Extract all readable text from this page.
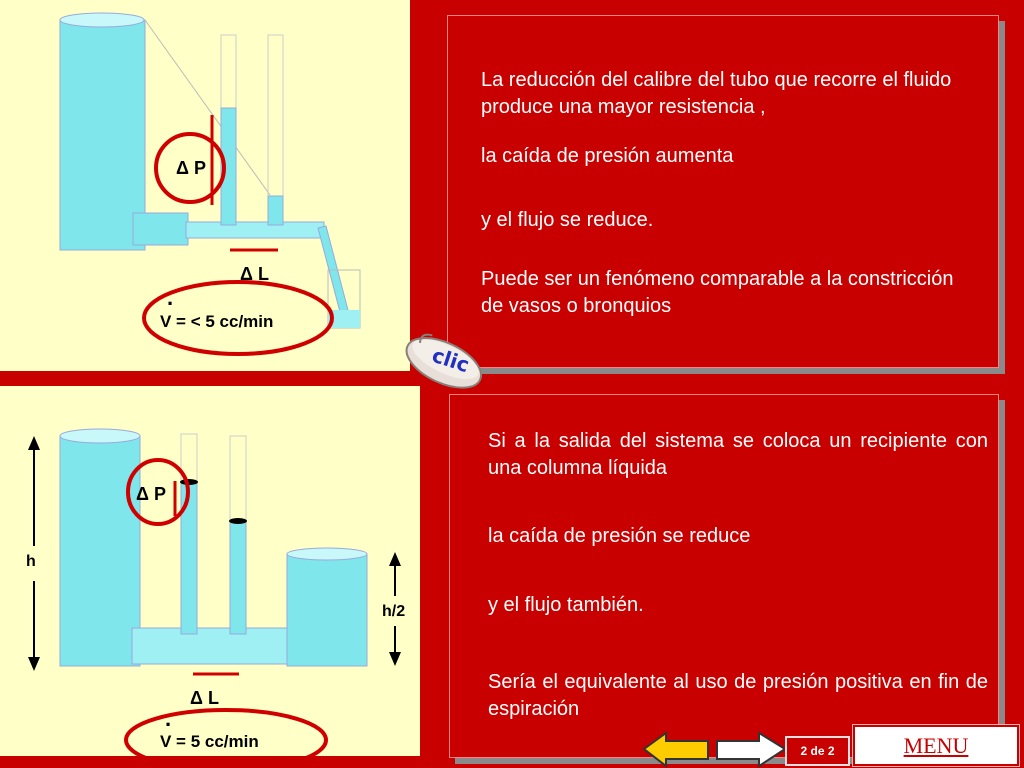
.
Δ P
Δ L
V = < 5 cc/min
.
h
h/2
Δ P
Δ L
V = 5 cc/min

La reducción del calibre del tubo que recorre el fluido produce una mayor resistencia ,

la caída de presión aumenta

y el flujo se reduce.

Puede ser un fenómeno comparable a la constricción de vasos o bronquios

Si a la salida del sistema se coloca un recipiente con una columna líquida

la caída de presión se reduce

y el flujo también.

Sería el equivalente al uso de presión positiva en fin de espiración

clic
2 de 2	MENU
